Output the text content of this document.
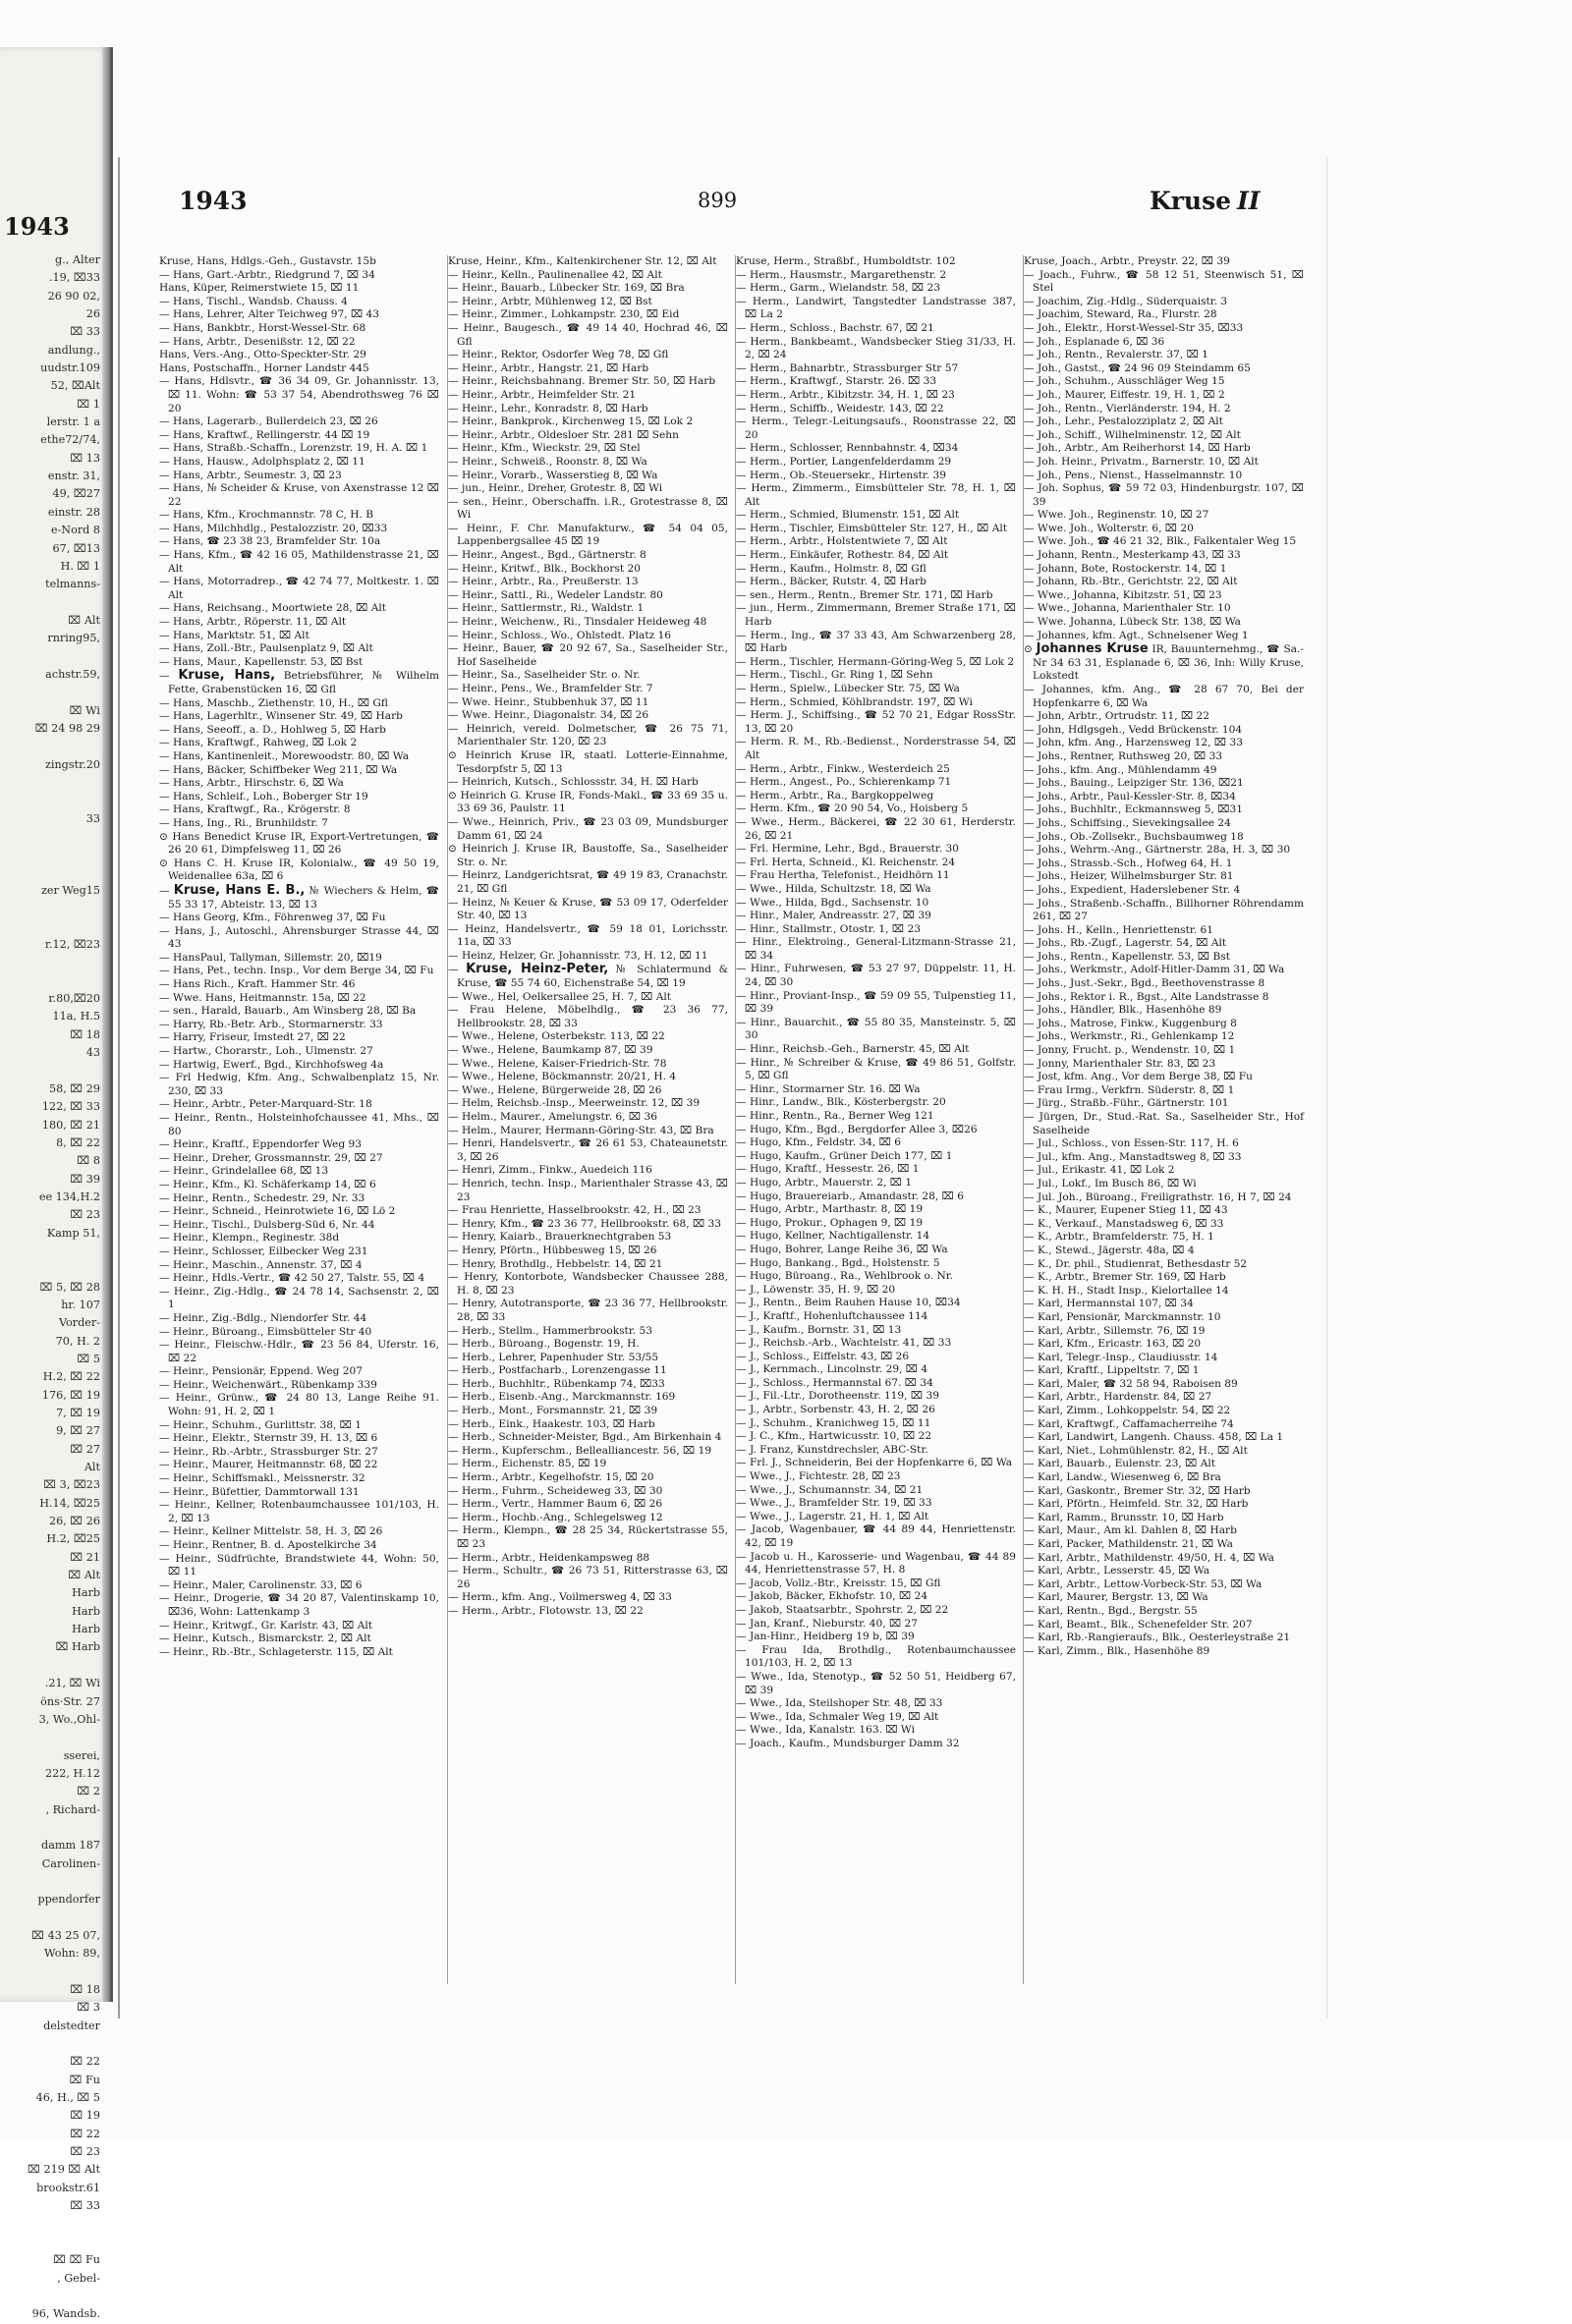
1943
g., Alter
.19, ⌧33
26 90 02,
26
⌧ 33
andlung.,
uudstr.109
52, ⌧Alt
⌧ 1
lerstr. 1 a
ethe72/74,
⌧ 13
enstr. 31,
49, ⌧27
einstr. 28
e-Nord 8
67, ⌧13
H. ⌧ 1
telmanns-

⌧ Alt
rnring95,

achstr.59,

⌧ Wi
⌧ 24 98 29

zingstr.20

33

zer Weg15

r.12, ⌧23

r.80,⌧20
11a, H.5
⌧ 18
43

58, ⌧ 29
122, ⌧ 33
180, ⌧ 21
8, ⌧ 22
⌧ 8
⌧ 39
ee 134,H.2
⌧ 23
Kamp 51,

⌧ 5, ⌧ 28
hr. 107
Vorder-
70, H. 2
⌧ 5
H.2, ⌧ 22
176, ⌧ 19
7, ⌧ 19
9, ⌧ 27
⌧ 27
Alt
⌧ 3, ⌧23
H.14, ⌧25
26, ⌧ 26
H.2, ⌧25
⌧ 21
⌧ Alt
Harb
Harb
Harb
⌧ Harb

.21, ⌧ Wi
öns·Str. 27
3, Wo.,Ohl-

sserei,
222, H.12
⌧ 2
, Richard-

damm 187
Carolinen-

ppendorfer

⌧ 43 25 07,
Wohn: 89,

⌧ 18
⌧ 3
delstedter

⌧ 22
⌧ Fu
46, H., ⌧ 5
⌧ 19
⌧ 22
⌧ 23
⌧ 219 ⌧ Alt
brookstr.61
⌧ 33

⌧ ⌧ Fu
, Gebel-

96, Wandsb.
1943	899	Kruse II

Kruse, Hans, Hdlgs.-Geh., Gustavstr. 15b

— Hans, Gart.-Arbtr., Riedgrund 7, ⌧ 34

Hans, Küper, Reimerstwiete 15, ⌧ 11

— Hans, Tischl., Wandsb. Chauss. 4

— Hans, Lehrer, Alter Teichweg 97, ⌧ 43

— Hans, Bankbtr., Horst-Wessel-Str. 68

— Hans, Arbtr., Desenißstr. 12, ⌧ 22

Hans, Vers.-Ang., Otto-Speckter-Str. 29

Hans, Postschaffn., Horner Landstr 445

— Hans, Hdlsvtr., ☎ 36 34 09, Gr. Johannisstr. 13, ⌧ 11. Wohn: ☎ 53 37 54, Abendrothsweg 76 ⌧ 20

— Hans, Lagerarb., Bullerdeich 23, ⌧ 26

— Hans, Kraftwf., Rellingerstr. 44 ⌧ 19

— Hans, Straßb.-Schaffn., Lorenzstr. 19, H. A. ⌧ 1

— Hans, Hausw., Adolphsplatz 2, ⌧ 11

— Hans, Arbtr., Seumestr. 3, ⌧ 23

— Hans, № Scheider & Kruse, von Axenstrasse 12 ⌧ 22

— Hans, Kfm., Krochmannstr. 78 C, H. B

— Hans, Milchhdlg., Pestalozzistr. 20, ⌧33

— Hans, ☎ 23 38 23, Bramfelder Str. 10a

— Hans, Kfm., ☎ 42 16 05, Mathildenstrasse 21, ⌧ Alt

— Hans, Motorradrep., ☎ 42 74 77, Moltkestr. 1. ⌧ Alt

— Hans, Reichsang., Moortwiete 28, ⌧ Alt

— Hans, Arbtr., Röperstr. 11, ⌧ Alt

— Hans, Marktstr. 51, ⌧ Alt

— Hans, Zoll.-Btr., Paulsenplatz 9, ⌧ Alt

— Hans, Maur., Kapellenstr. 53, ⌧ Bst

— Kruse, Hans, Betriebsführer, № Wilhelm Fette, Grabenstücken 16, ⌧ Gfl

— Hans, Maschb., Ziethenstr. 10, H., ⌧ Gfl

— Hans, Lagerhltr., Winsener Str. 49, ⌧ Harb

— Hans, Seeoff., a. D., Hohlweg 5, ⌧ Harb

— Hans, Kraftwgf., Rahweg, ⌧ Lok 2

— Hans, Kantinenleit., Morewoodstr. 80, ⌧ Wa

— Hans, Bäcker, Schiffbeker Weg 211, ⌧ Wa

— Hans, Arbtr., Hirschstr. 6, ⌧ Wa

— Hans, Schleif., Loh., Boberger Str 19

— Hans, Kraftwgf., Ra., Krögerstr. 8

— Hans, Ing., Ri., Brunhildstr. 7

⊙ Hans Benedict Kruse IR, Export-Vertretungen, ☎ 26 20 61, Dimpfelsweg 11, ⌧ 26

⊙ Hans C. H. Kruse IR, Kolonialw., ☎ 49 50 19, Weidenallee 63a, ⌧ 6

— Kruse, Hans E. B., № Wiechers & Helm, ☎ 55 33 17, Abteistr. 13, ⌧ 13

— Hans Georg, Kfm., Föhrenweg 37, ⌧ Fu

— Hans, J., Autoschl., Ahrensburger Strasse 44, ⌧ 43

— HansPaul, Tallyman, Sillemstr. 20, ⌧19

— Hans, Pet., techn. Insp., Vor dem Berge 34, ⌧ Fu

— Hans Rich., Kraft. Hammer Str. 46

— Wwe. Hans, Heitmannstr. 15a, ⌧ 22

— sen., Harald, Bauarb., Am Winsberg 28, ⌧ Ba

— Harry, Rb.-Betr. Arb., Stormarnerstr. 33

— Harry, Friseur, Imstedt 27, ⌧ 22

— Hartw., Chorarstr., Loh., Ulmenstr. 27

— Hartwig, Ewerf., Bgd., Kirchhofsweg 4a

— Frl Hedwig, Kfm. Ang., Schwalbenplatz 15, Nr. 230, ⌧ 33

— Heinr., Arbtr., Peter-Marquard-Str. 18

— Heinr., Rentn., Holsteinhofchaussee 41, Mhs., ⌧ 80

— Heinr., Kraftf., Eppendorfer Weg 93

— Heinr., Dreher, Grossmannstr. 29, ⌧ 27

— Heinr., Grindelallee 68, ⌧ 13

— Heinr., Kfm., Kl. Schäferkamp 14, ⌧ 6

— Heinr., Rentn., Schedestr. 29, Nr. 33

— Heinr., Schneid., Heinrotwiete 16, ⌧ Lö 2

— Heinr., Tischl., Dulsberg-Süd 6, Nr. 44

— Heinr., Klempn., Reginestr. 38d

— Heinr., Schlosser, Eilbecker Weg 231

— Heinr., Maschin., Annenstr. 37, ⌧ 4

— Heinr., Hdls.-Vertr., ☎ 42 50 27, Talstr. 55, ⌧ 4

— Heinr., Zig.-Hdlg., ☎ 24 78 14, Sachsenstr. 2, ⌧ 1

— Heinr., Zig.-Bdlg., Niendorfer Str. 44

— Heinr., Büroang., Eimsbütteler Str 40

— Heinr., Fleischw.-Hdlr., ☎ 23 56 84, Uferstr. 16, ⌧ 22

— Heinr., Pensionär, Eppend. Weg 207

— Heinr., Weichenwärt., Rübenkamp 339

— Heinr., Grünw., ☎ 24 80 13, Lange Reihe 91. Wohn: 91, H. 2, ⌧ 1

— Heinr., Schuhm., Gurlittstr. 38, ⌧ 1

— Heinr., Elektr., Sternstr 39, H. 13, ⌧ 6

— Heinr., Rb.-Arbtr., Strassburger Str. 27

— Heinr., Maurer, Heitmannstr. 68, ⌧ 22

— Heinr., Schiffsmakl., Meissnerstr. 32

— Heinr., Büfettier, Dammtorwall 131

— Heinr., Kellner, Rotenbaumchaussee 101/103, H. 2, ⌧ 13

— Heinr., Kellner Mittelstr. 58, H. 3, ⌧ 26

— Heinr., Rentner, B. d. Apostelkirche 34

— Heinr., Südfrüchte, Brandstwiete 44, Wohn: 50, ⌧ 11

— Heinr., Maler, Carolinenstr. 33, ⌧ 6

— Heinr., Drogerie, ☎ 34 20 87, Valentinskamp 10, ⌧36, Wohn: Lattenkamp 3

— Heinr., Kritwgf., Gr. Karlstr. 43, ⌧ Alt

— Heinr., Kutsch., Bismarckstr. 2, ⌧ Alt

— Heinr., Rb.-Btr., Schlageterstr. 115, ⌧ Alt

Kruse, Heinr., Kfm., Kaltenkirchener Str. 12, ⌧ Alt

— Heinr., Kelln., Paulinenallee 42, ⌧ Alt

— Heinr., Bauarb., Lübecker Str. 169, ⌧ Bra

— Heinr., Arbtr, Mühlenweg 12, ⌧ Bst

— Heinr., Zimmer., Lohkampstr. 230, ⌧ Eid

— Heinr., Baugesch., ☎ 49 14 40, Hochrad 46, ⌧ Gfl

— Heinr., Rektor, Osdorfer Weg 78, ⌧ Gfl

— Heinr., Arbtr., Hangstr. 21, ⌧ Harb

— Heinr., Reichsbahnang. Bremer Str. 50, ⌧ Harb

— Heinr., Arbtr., Heimfelder Str. 21

— Heinr., Lehr., Konradstr. 8, ⌧ Harb

— Heinr., Bankprok., Kirchenweg 15, ⌧ Lok 2

— Heinr., Arbtr., Oldesloer Str. 281 ⌧ Sehn

— Heinr., Kfm., Wieckstr. 29, ⌧ Stel

— Heinr., Schweiß., Roonstr. 8, ⌧ Wa

— Heinr., Vorarb., Wasserstieg 8, ⌧ Wa

— jun., Heinr., Dreher, Grotestr. 8, ⌧ Wi

— sen., Heinr., Oberschaffn. i.R., Grotestrasse 8, ⌧ Wi

— Heinr., F. Chr. Manufakturw., ☎ 54 04 05, Lappenbergsallee 45 ⌧ 19

— Heinr., Angest., Bgd., Gärtnerstr. 8

— Heinr., Kritwf., Blk., Bockhorst 20

— Heinr., Arbtr., Ra., Preußerstr. 13

— Heinr., Sattl., Ri., Wedeler Landstr. 80

— Heinr., Sattlermstr., Ri., Waldstr. 1

— Heinr., Weichenw., Ri., Tinsdaler Heideweg 48

— Heinr., Schloss., Wo., Ohlstedt. Platz 16

— Heinr., Bauer, ☎ 20 92 67, Sa., Saselheider Str., Hof Saselheide

— Heinr., Sa., Saselheider Str. o. Nr.

— Heinr., Pens., We., Bramfelder Str. 7

— Wwe. Heinr., Stubbenhuk 37, ⌧ 11

— Wwe. Heinr., Diagonalstr. 34, ⌧ 26

— Heinrich, vereid. Dolmetscher, ☎ 26 75 71, Marienthaler Str. 120, ⌧ 23

⊙ Heinrich Kruse IR, staatl. Lotterie-Einnahme, Tesdorpfstr 5, ⌧ 13

— Heinrich, Kutsch., Schlossstr. 34, H. ⌧ Harb

⊙ Heinrich G. Kruse IR, Fonds-Makl., ☎ 33 69 35 u. 33 69 36, Paulstr. 11

— Wwe., Heinrich, Priv., ☎ 23 03 09, Mundsburger Damm 61, ⌧ 24

⊙ Heinrich J. Kruse IR, Baustoffe, Sa., Saselheider Str. o. Nr.

— Heinrz, Landgerichtsrat, ☎ 49 19 83, Cranachstr. 21, ⌧ Gfl

— Heinz, № Keuer & Kruse, ☎ 53 09 17, Oderfelder Str. 40, ⌧ 13

— Heinz, Handelsvertr., ☎ 59 18 01, Lorichsstr. 11a, ⌧ 33

— Heinz, Helzer, Gr. Johannisstr. 73, H. 12, ⌧ 11

— Kruse, Heinz-Peter, № Schlatermund & Kruse, ☎ 55 74 60, Eichenstraße 54, ⌧ 19

— Wwe., Hel, Oelkersallee 25, H. 7, ⌧ Alt

— Frau Helene, Möbelhdlg., ☎ 23 36 77, Hellbrookstr. 28, ⌧ 33

— Wwe., Helene, Osterbekstr. 113, ⌧ 22

— Wwe., Helene, Baumkamp 87, ⌧ 39

— Wwe., Helene, Kaiser-Friedrich-Str. 78

— Wwe., Helene, Böckmannstr. 20/21, H. 4

— Wwe., Helene, Bürgerweide 28, ⌧ 26

— Helm, Reichsb.-Insp., Meerweinstr. 12, ⌧ 39

— Helm., Maurer., Amelungstr. 6, ⌧ 36

— Helm., Maurer, Hermann-Göring-Str. 43, ⌧ Bra

— Henri, Handelsvertr., ☎ 26 61 53, Chateaunetstr. 3, ⌧ 26

— Henri, Zimm., Finkw., Auedeich 116

— Henrich, techn. Insp., Marienthaler Strasse 43, ⌧ 23

— Frau Henriette, Hasselbrookstr. 42, H., ⌧ 23

— Henry, Kfm., ☎ 23 36 77, Hellbrookstr. 68, ⌧ 33

— Henry, Kaiarb., Brauerknechtgraben 53

— Henry, Pförtn., Hübbesweg 15, ⌧ 26

— Henry, Brothdlg., Hebbelstr. 14, ⌧ 21

— Henry, Kontorbote, Wandsbecker Chaussee 288, H. 8, ⌧ 23

— Henry, Autotransporte, ☎ 23 36 77, Hellbrookstr. 28, ⌧ 33

— Herb., Stellm., Hammerbrookstr. 53

— Herb., Büroang., Bogenstr. 19, H.

— Herb., Lehrer, Papenhuder Str. 53/55

— Herb., Postfacharb., Lorenzengasse 11

— Herb., Buchhltr., Rübenkamp 74, ⌧33

— Herb., Eisenb.-Ang., Marckmannstr. 169

— Herb., Mont., Forsmannstr. 21, ⌧ 39

— Herb., Eink., Haakestr. 103, ⌧ Harb

— Herb., Schneider-Meister, Bgd., Am Birkenhain 4

— Herm., Kupferschm., Bellealliancestr. 56, ⌧ 19

— Herm., Eichenstr. 85, ⌧ 19

— Herm., Arbtr., Kegelhofstr. 15, ⌧ 20

— Herm., Fuhrm., Scheideweg 33, ⌧ 30

— Herm., Vertr., Hammer Baum 6, ⌧ 26

— Herm., Hochb.-Ang., Schlegelsweg 12

— Herm., Klempn., ☎ 28 25 34, Rückertstrasse 55, ⌧ 23

— Herm., Arbtr., Heidenkampsweg 88

— Herm., Schultr., ☎ 26 73 51, Ritterstrasse 63, ⌧ 26

— Herm., kfm. Ang., Voilmersweg 4, ⌧ 33

— Herm., Arbtr., Flotowstr. 13, ⌧ 22

Kruse, Herm., Straßbf., Humboldtstr. 102

— Herm., Hausmstr., Margarethenstr. 2

— Herm., Garm., Wielandstr. 58, ⌧ 23

— Herm., Landwirt, Tangstedter Landstrasse 387, ⌧ La 2

— Herm., Schloss., Bachstr. 67, ⌧ 21

— Herm., Bankbeamt., Wandsbecker Stieg 31/33, H. 2, ⌧ 24

— Herm., Bahnarbtr., Strassburger Str 57

— Herm., Kraftwgf., Starstr. 26. ⌧ 33

— Herm., Arbtr., Kibitzstr. 34, H. 1, ⌧ 23

— Herm., Schiffb., Weidestr. 143, ⌧ 22

— Herm., Telegr.-Leitungsaufs., Roonstrasse 22, ⌧ 20

— Herm., Schlosser, Rennbahnstr. 4, ⌧34

— Herm., Portier, Langenfelderdamm 29

— Herm., Ob.-Steuersekr., Hirtenstr. 39

— Herm., Zimmerm., Eimsbütteler Str. 78, H. 1, ⌧ Alt

— Herm., Schmied, Blumenstr. 151, ⌧ Alt

— Herm., Tischler, Eimsbütteler Str. 127, H., ⌧ Alt

— Herm., Arbtr., Holstentwiete 7, ⌧ Alt

— Herm., Einkäufer, Rothestr. 84, ⌧ Alt

— Herm., Kaufm., Holmstr. 8, ⌧ Gfl

— Herm., Bäcker, Rutstr. 4, ⌧ Harb

— sen., Herm., Rentn., Bremer Str. 171, ⌧ Harb

— jun., Herm., Zimmermann, Bremer Straße 171, ⌧ Harb

— Herm., Ing., ☎ 37 33 43, Am Schwarzenberg 28, ⌧ Harb

— Herm., Tischler, Hermann-Göring-Weg 5, ⌧ Lok 2

— Herm., Tischl., Gr. Ring 1, ⌧ Sehn

— Herm., Spielw., Lübecker Str. 75, ⌧ Wa

— Herm., Schmied, Köhlbrandstr. 197, ⌧ Wi

— Herm. J., Schiffsing., ☎ 52 70 21, Edgar RossStr. 13, ⌧ 20

— Herm. R. M., Rb.-Bedienst., Norderstrasse 54, ⌧ Alt

— Herm., Arbtr., Finkw., Westerdeich 25

— Herm., Angest., Po., Schierenkamp 71

— Herm., Arbtr., Ra., Bargkoppelweg

— Herm. Kfm., ☎ 20 90 54, Vo., Hoisberg 5

— Wwe., Herm., Bäckerei, ☎ 22 30 61, Herderstr. 26, ⌧ 21

— Frl. Hermine, Lehr., Bgd., Brauerstr. 30

— Frl. Herta, Schneid., Kl. Reichenstr. 24

— Frau Hertha, Telefonist., Heidhörn 11

— Wwe., Hilda, Schultzstr. 18, ⌧ Wa

— Wwe., Hilda, Bgd., Sachsenstr. 10

— Hinr., Maler, Andreasstr. 27, ⌧ 39

— Hinr., Stallmstr., Otostr. 1, ⌧ 23

— Hinr., Elektroing., General-Litzmann-Strasse 21, ⌧ 34

— Hinr., Fuhrwesen, ☎ 53 27 97, Düppelstr. 11, H. 24, ⌧ 30

— Hinr., Proviant-Insp., ☎ 59 09 55, Tulpenstieg 11, ⌧ 39

— Hinr., Bauarchit., ☎ 55 80 35, Mansteinstr. 5, ⌧ 30

— Hinr., Reichsb.-Geh., Barnerstr. 45, ⌧ Alt

— Hinr., № Schreiber & Kruse, ☎ 49 86 51, Golfstr. 5, ⌧ Gfl

— Hinr., Stormarner Str. 16. ⌧ Wa

— Hinr., Landw., Blk., Kösterbergstr. 20

— Hinr., Rentn., Ra., Berner Weg 121

— Hugo, Kfm., Bgd., Bergdorfer Allee 3, ⌧26

— Hugo, Kfm., Feldstr. 34, ⌧ 6

— Hugo, Kaufm., Grüner Deich 177, ⌧ 1

— Hugo, Kraftf., Hessestr. 26, ⌧ 1

— Hugo, Arbtr., Mauerstr. 2, ⌧ 1

— Hugo, Brauereiarb., Amandastr. 28, ⌧ 6

— Hugo, Arbtr., Marthastr. 8, ⌧ 19

— Hugo, Prokur., Ophagen 9, ⌧ 19

— Hugo, Kellner, Nachtigallenstr. 14

— Hugo, Bohrer, Lange Reihe 36, ⌧ Wa

— Hugo, Bankang., Bgd., Holstenstr. 5

— Hugo, Büroang., Ra., Wehlbrook o. Nr.

— J., Löwenstr. 35, H. 9, ⌧ 20

— J., Rentn., Beim Rauhen Hause 10, ⌧34

— J., Kraftf., Hohenluftchaussee 114

— J., Kaufm., Bornstr. 31, ⌧ 13

— J., Reichsb.-Arb., Wachtelstr. 41, ⌧ 33

— J., Schloss., Eiffelstr. 43, ⌧ 26

— J., Kernmach., Lincolnstr. 29, ⌧ 4

— J., Schloss., Hermannstal 67. ⌧ 34

— J., Fil.-Ltr., Dorotheenstr. 119, ⌧ 39

— J., Arbtr., Sorbenstr. 43, H. 2, ⌧ 26

— J., Schuhm., Kranichweg 15, ⌧ 11

— J. C., Kfm., Hartwicusstr. 10, ⌧ 22

— J. Franz, Kunstdrechsler, ABC-Str.

— Frl. J., Schneiderin, Bei der Hopfenkarre 6, ⌧ Wa

— Wwe., J., Fichtestr. 28, ⌧ 23

— Wwe., J., Schumannstr. 34, ⌧ 21

— Wwe., J., Bramfelder Str. 19, ⌧ 33

— Wwe., J., Lagerstr. 21, H. 1, ⌧ Alt

— Jacob, Wagenbauer, ☎ 44 89 44, Henriettenstr. 42, ⌧ 19

— Jacob u. H., Karosserie- und Wagenbau, ☎ 44 89 44, Henriettenstrasse 57, H. 8

— Jacob, Vollz.-Btr., Kreisstr. 15, ⌧ Gfl

— Jakob, Bäcker, Ekhofstr. 10, ⌧ 24

— Jakob, Staatsarbtr., Spohrstr. 2, ⌧ 22

— Jan, Kranf., Nieburstr. 40, ⌧ 27

— Jan-Hinr., Heidberg 19 b, ⌧ 39

— Frau Ida, Brothdlg., Rotenbaumchaussee 101/103, H. 2, ⌧ 13

— Wwe., Ida, Stenotyp., ☎ 52 50 51, Heidberg 67, ⌧ 39

— Wwe., Ida, Steilshoper Str. 48, ⌧ 33

— Wwe., Ida, Schmaler Weg 19, ⌧ Alt

— Wwe., Ida, Kanalstr. 163. ⌧ Wi

— Joach., Kaufm., Mundsburger Damm 32

Kruse, Joach., Arbtr., Preystr. 22, ⌧ 39

— Joach., Fuhrw., ☎ 58 12 51, Steenwisch 51, ⌧ Stel

— Joachim, Zig.-Hdlg., Süderquaistr. 3

— Joachim, Steward, Ra., Flurstr. 28

— Joh., Elektr., Horst-Wessel-Str 35, ⌧33

— Joh., Esplanade 6, ⌧ 36

— Joh., Rentn., Revalerstr. 37, ⌧ 1

— Joh., Gastst., ☎ 24 96 09 Steindamm 65

— Joh., Schuhm., Ausschläger Weg 15

— Joh., Maurer, Eiffestr. 19, H. 1, ⌧ 2

— Joh., Rentn., Vierländerstr. 194, H. 2

— Joh., Lehr., Pestalozziplatz 2, ⌧ Alt

— Joh., Schiff., Wilhelminenstr. 12, ⌧ Alt

— Joh., Arbtr., Am Reiherhorst 14, ⌧ Harb

— Joh. Heinr., Privatm., Barnerstr. 10, ⌧ Alt

— Joh., Pens., Nienst., Hasselmannstr. 10

— Joh. Sophus, ☎ 59 72 03, Hindenburgstr. 107, ⌧ 39

— Wwe. Joh., Reginenstr. 10, ⌧ 27

— Wwe. Joh., Wolterstr. 6, ⌧ 20

— Wwe. Joh., ☎ 46 21 32, Blk., Falkentaler Weg 15

— Johann, Rentn., Mesterkamp 43, ⌧ 33

— Johann, Bote, Rostockerstr. 14, ⌧ 1

— Johann, Rb.-Btr., Gerichtstr. 22, ⌧ Alt

— Wwe., Johanna, Kibitzstr. 51, ⌧ 23

— Wwe., Johanna, Marienthaler Str. 10

— Wwe. Johanna, Lübeck Str. 138, ⌧ Wa

— Johannes, kfm. Agt., Schnelsener Weg 1

⊙ Johannes Kruse IR, Bauunternehmg., ☎ Sa.-Nr 34 63 31, Esplanade 6, ⌧ 36, Inh: Willy Kruse, Lokstedt

— Johannes, kfm. Ang., ☎ 28 67 70, Bei der Hopfenkarre 6, ⌧ Wa

— John, Arbtr., Ortrudstr. 11, ⌧ 22

— John, Hdlgsgeh., Vedd Brückenstr. 104

— John, kfm. Ang., Harzensweg 12, ⌧ 33

— Johs., Rentner, Ruthsweg 20, ⌧ 33

— Johs., kfm. Ang., Mühlendamm 49

— Johs., Bauing., Leipziger Str. 136, ⌧21

— Johs., Arbtr., Paul-Kessler-Str. 8, ⌧34

— Johs., Buchhltr., Eckmannsweg 5, ⌧31

— Johs., Schiffsing., Sievekingsallee 24

— Johs., Ob.-Zollsekr., Buchsbaumweg 18

— Johs., Wehrm.-Ang., Gärtnerstr. 28a, H. 3, ⌧ 30

— Johs., Strassb.-Sch., Hofweg 64, H. 1

— Johs., Heizer, Wilhelmsburger Str. 81

— Johs., Expedient, Haderslebener Str. 4

— Johs., Straßenb.-Schaffn., Billhorner Röhrendamm 261, ⌧ 27

— Johs. H., Kelln., Henriettenstr. 61

— Johs., Rb.-Zugf., Lagerstr. 54, ⌧ Alt

— Johs., Rentn., Kapellenstr. 53, ⌧ Bst

— Johs., Werkmstr., Adolf-Hitler-Damm 31, ⌧ Wa

— Johs., Just.-Sekr., Bgd., Beethovenstrasse 8

— Johs., Rektor i. R., Bgst., Alte Landstrasse 8

— Johs., Händler, Blk., Hasenhöhe 89

— Johs., Matrose, Finkw., Kuggenburg 8

— Johs., Werkmstr., Ri., Gehlenkamp 12

— Jonny, Frucht. p., Wendenstr. 10, ⌧ 1

— Jonny, Marienthaler Str. 83, ⌧ 23

— Jost, kfm. Ang., Vor dem Berge 38, ⌧ Fu

— Frau Irmg., Verkfrn. Süderstr. 8, ⌧ 1

— Jürg., Straßb.-Führ., Gärtnerstr. 101

— Jürgen, Dr., Stud.-Rat. Sa., Saselheider Str., Hof Saselheide

— Jul., Schloss., von Essen-Str. 117, H. 6

— Jul., kfm. Ang., Manstadtsweg 8, ⌧ 33

— Jul., Erikastr. 41, ⌧ Lok 2

— Jul., Lokf., Im Busch 86, ⌧ Wi

— Jul. Joh., Büroang., Freiligrathstr. 16, H 7, ⌧ 24

— K., Maurer, Eupener Stieg 11, ⌧ 43

— K., Verkauf., Manstadsweg 6, ⌧ 33

— K., Arbtr., Bramfelderstr. 75, H. 1

— K., Stewd., Jägerstr. 48a, ⌧ 4

— K., Dr. phil., Studienrat, Bethesdastr 52

— K., Arbtr., Bremer Str. 169, ⌧ Harb

— K. H. H., Stadt Insp., Kielortallee 14

— Karl, Hermannstal 107, ⌧ 34

— Karl, Pensionär, Marckmannstr. 10

— Karl, Arbtr., Sillemstr. 76, ⌧ 19

— Karl, Kfm., Ericastr. 163, ⌧ 20

— Karl, Telegr.-Insp., Claudiusstr. 14

— Karl, Kraftf., Lippeltstr. 7, ⌧ 1

— Karl, Maler, ☎ 32 58 94, Raboisen 89

— Karl, Arbtr., Hardenstr. 84, ⌧ 27

— Karl, Zimm., Lohkoppelstr. 54, ⌧ 22

— Karl, Kraftwgf., Caffamacherreihe 74

— Karl, Landwirt, Langenh. Chauss. 458, ⌧ La 1

— Karl, Niet., Lohmühlenstr. 82, H., ⌧ Alt

— Karl, Bauarb., Eulenstr. 23, ⌧ Alt

— Karl, Landw., Wiesenweg 6, ⌧ Bra

— Karl, Gaskontr., Bremer Str. 32, ⌧ Harb

— Karl, Pförtn., Heimfeld. Str. 32, ⌧ Harb

— Karl, Ramm., Brunsstr. 10, ⌧ Harb

— Karl, Maur., Am kl. Dahlen 8, ⌧ Harb

— Karl, Packer, Mathildenstr. 21, ⌧ Wa

— Karl, Arbtr., Mathildenstr. 49/50, H. 4, ⌧ Wa

— Karl, Arbtr., Lesserstr. 45, ⌧ Wa

— Karl, Arbtr., Lettow-Vorbeck-Str. 53, ⌧ Wa

— Karl, Maurer, Bergstr. 13, ⌧ Wa

— Karl, Rentn., Bgd., Bergstr. 55

— Karl, Beamt., Blk., Schenefelder Str. 207

— Karl, Rb.-Rangieraufs., Blk., Oesterleystraße 21

— Karl, Zimm., Blk., Hasenhöhe 89
